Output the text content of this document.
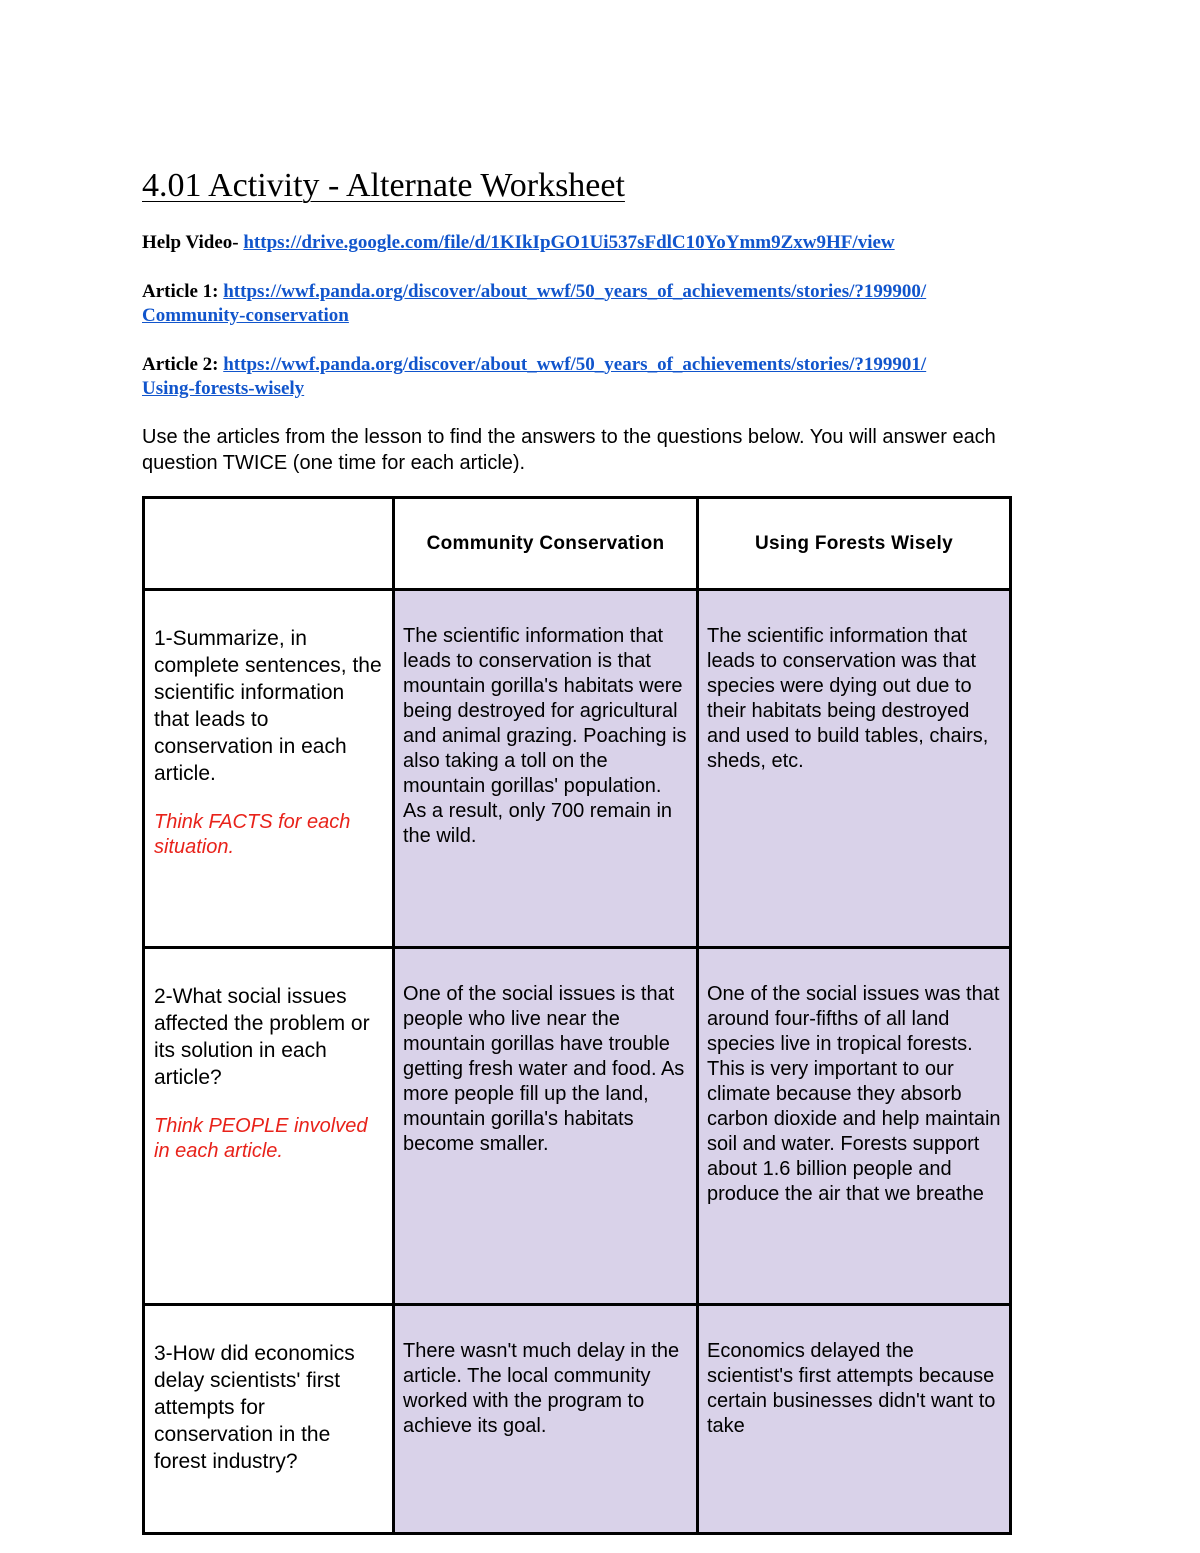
4.01 Activity - Alternate Worksheet
Help Video- https://drive.google.com/file/d/1KIkIpGO1Ui537sFdlC10YoYmm9Zxw9HF/view
Article 1: https://wwf.panda.org/discover/about_wwf/50_years_of_achievements/stories/?199900/
Community-conservation
Article 2: https://wwf.panda.org/discover/about_wwf/50_years_of_achievements/stories/?199901/
Using-forests-wisely
Use the articles from the lesson to find the answers to the questions below. You will answer each question TWICE (one time for each article).
	Community Conservation	Using Forests Wisely
1-Summarize, in complete sentences, the scientific information that leads to conservation in each article.
Think FACTS for each situation.	The scientific information that leads to conservation is that mountain gorilla's habitats were being destroyed for agricultural and animal grazing. Poaching is also taking a toll on the mountain gorillas' population. As a result, only 700 remain in the wild.	The scientific information that leads to conservation was that species were dying out due to their habitats being destroyed and used to build tables, chairs, sheds, etc.
2-What social issues affected the problem or its solution in each article?
Think PEOPLE involved in each article.	One of the social issues is that people who live near the mountain gorillas have trouble getting fresh water and food. As more people fill up the land, mountain gorilla's habitats become smaller.	One of the social issues was that around four-fifths of all land species live in tropical forests. This is very important to our climate because they absorb carbon dioxide and help maintain soil and water. Forests support about 1.6 billion people and produce the air that we breathe
3-How did economics delay scientists' first attempts for conservation in the forest industry?	There wasn't much delay in the article. The local community worked with the program to achieve its goal.	Economics delayed the scientist's first attempts because certain businesses didn't want to take
